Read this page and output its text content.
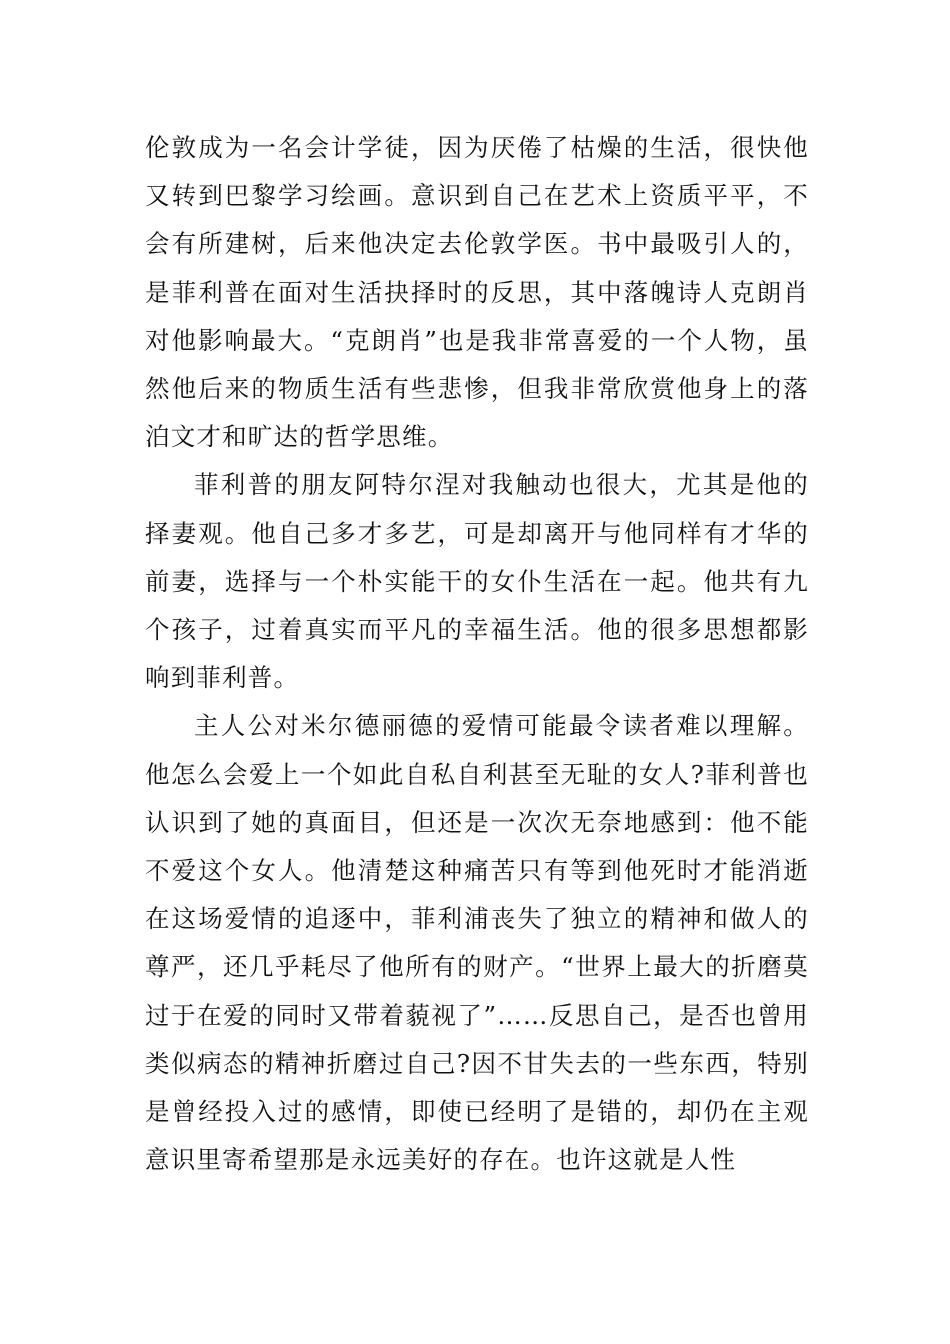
伦敦成为一名会计学徒，因为厌倦了枯燥的生活，很快他又转到巴黎学习绘画。意识到自己在艺术上资质平平，不会有所建树，后来他决定去伦敦学医。书中最吸引人的，是菲利普在面对生活抉择时的反思，其中落魄诗人克朗肖对他影响最大。“克朗肖”也是我非常喜爱的一个人物，虽然他后来的物质生活有些悲惨，但我非常欣赏他身上的落泊文才和旷达的哲学思维。

菲利普的朋友阿特尔涅对我触动也很大，尤其是他的择妻观。他自己多才多艺，可是却离开与他同样有才华的前妻，选择与一个朴实能干的女仆生活在一起。他共有九个孩子，过着真实而平凡的幸福生活。他的很多思想都影响到菲利普。

主人公对米尔德丽德的爱情可能最令读者难以理解。他怎么会爱上一个如此自私自利甚至无耻的女人?菲利普也认识到了她的真面目，但还是一次次无奈地感到：他不能不爱这个女人。他清楚这种痛苦只有等到他死时才能消逝在这场爱情的追逐中，菲利浦丧失了独立的精神和做人的尊严，还几乎耗尽了他所有的财产。“世界上最大的折磨莫过于在爱的同时又带着藐视了”……反思自己，是否也曾用类似病态的精神折磨过自己?因不甘失去的一些东西，特别是曾经投入过的感情，即使已经明了是错的，却仍在主观意识里寄希望那是永远美好的存在。也许这就是人性
